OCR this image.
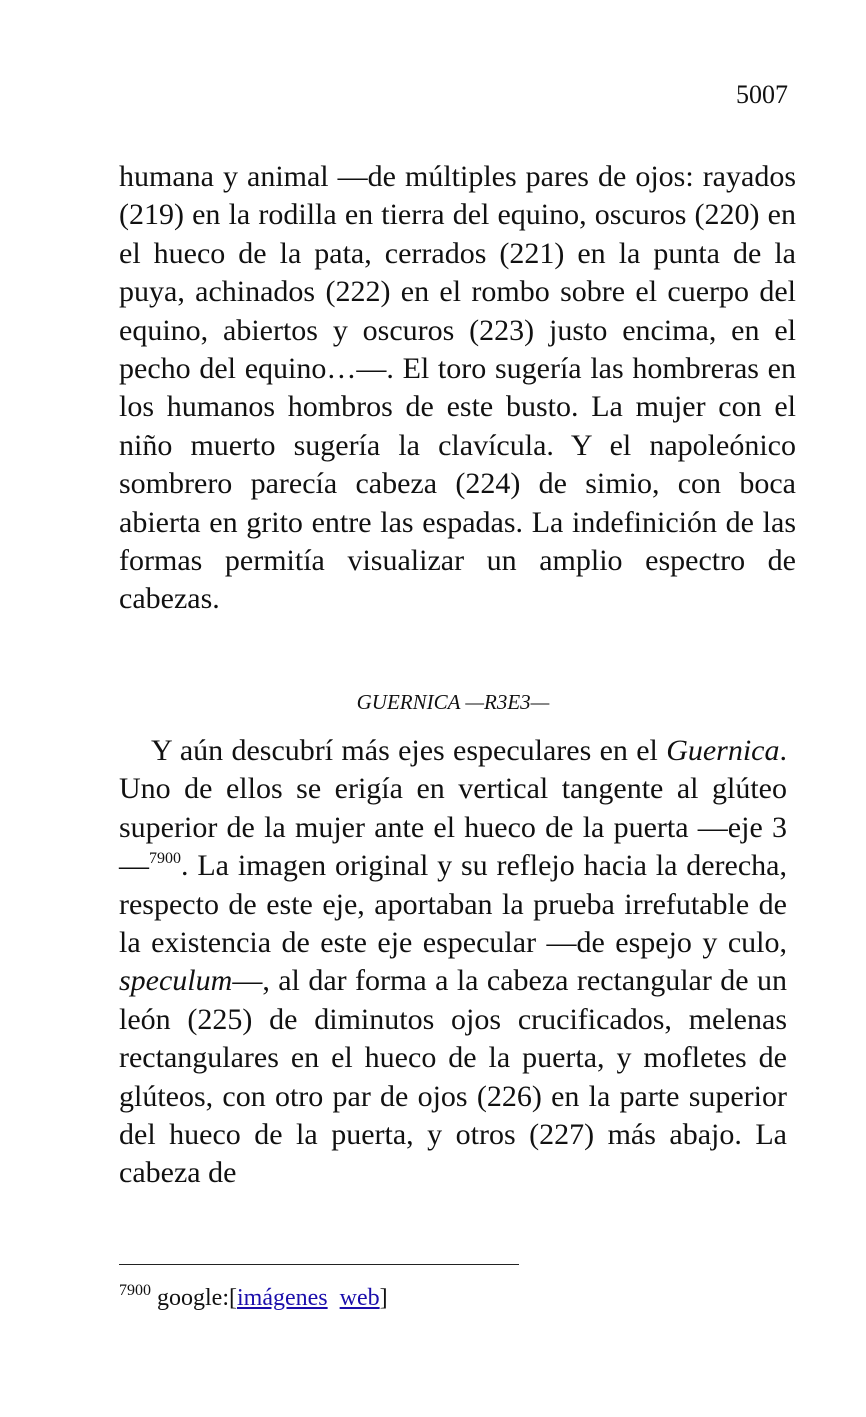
5007

humana y animal —de múltiples pares de ojos: rayados (219) en la rodilla en tierra del equino, oscuros (220) en el hueco de la pata, cerrados (221) en la punta de la puya, achinados (222) en el rombo sobre el cuerpo del equino, abiertos y oscuros (223) justo encima, en el pecho del equino…—. El toro sugería las hombreras en los humanos hombros de este busto. La mujer con el niño muerto sugería la clavícula. Y el napoleónico sombrero parecía cabeza (224) de simio, con boca abierta en grito entre las espadas. La indefinición de las formas permitía visualizar un amplio espectro de cabezas.

GUERNICA —R3E3—

Y aún descubrí más ejes especulares en el Guernica. Uno de ellos se erigía en vertical tangente al glúteo superior de la mujer ante el hueco de la puerta —eje 3—$^{7900}$. La imagen original y su reflejo hacia la derecha, respecto de este eje, aportaban la prueba irrefutable de la existencia de este eje especular —de espejo y culo, speculum—, al dar forma a la cabeza rectangular de un león (225) de diminutos ojos crucificados, melenas rectangulares en el hueco de la puerta, y mofletes de glúteos, con otro par de ojos (226) en la parte superior del hueco de la puerta, y otros (227) más abajo. La cabeza de

$^{7900}$ google:[imágenes web]
